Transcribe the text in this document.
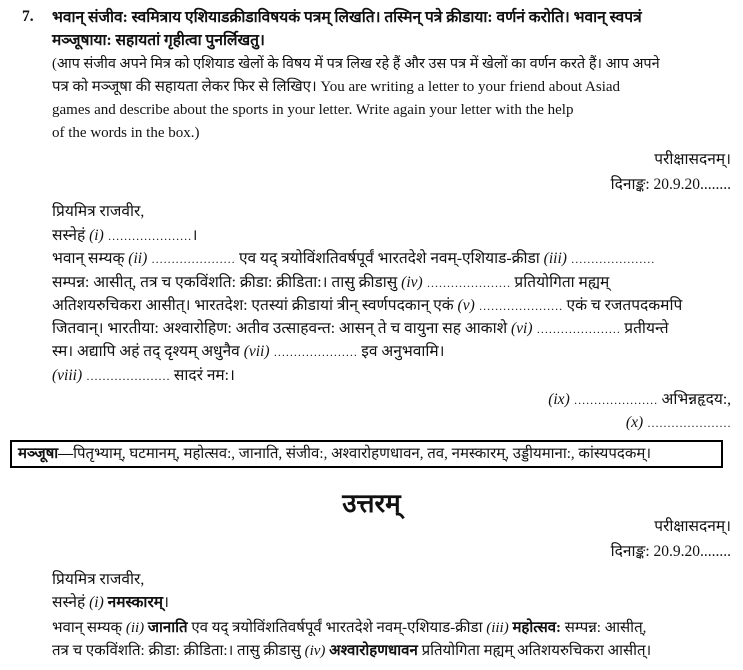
7. भवान् संजीव: स्वमित्राय एशियाडक्रीडाविषयकं पत्रम् लिखति। तस्मिन् पत्रे क्रीडाया: वर्णनं करोति। भवान् स्वपत्रं
मञ्जूषाया: सहायतां गृहीत्वा पुनर्लिखतु।
(आप संजीव अपने मित्र को एशियाड खेलों के विषय में पत्र लिख रहे हैं और उस पत्र में खेलों का वर्णन करते हैं। आप अपने
पत्र को मञ्जूषा की सहायता लेकर फिर से लिखिए। You are writing a letter to your friend about Asiad
games and describe about the sports in your letter. Write again your letter with the help
of the words in the box.)
परीक्षासदनम्।
दिनाङ्क: 20.9.20........
प्रियमित्र राजवीर,
सस्नेहं (i) …………………।
भवान् सम्यक् (ii) ………………… एव यद् त्रयोविंशतिवर्षपूर्वं भारतदेशे नवम्-एशियाड-क्रीडा (iii) …………………
सम्पन्न: आसीत्, तत्र च एकविंशति: क्रीडा: क्रीडिता:। तासु क्रीडासु (iv) ………………… प्रतियोगिता मह्यम्
अतिशयरुचिकरा आसीत्। भारतदेश: एतस्यां क्रीडायां त्रीन् स्वर्णपदकान् एकं (v) ………………… एकं च रजतपदकमपि
जितवान्। भारतीया: अश्वारोहिण: अतीव उत्साहवन्त: आसन् ते च वायुना सह आकाशे (vi) ………………… प्रतीयन्ते
स्म। अद्यापि अहं तद् दृश्यम् अधुनैव (vii) ………………… इव अनुभवामि।
(viii) ………………… सादरं नम:।
(ix) ………………… अभिन्नहृदय:,
(x) …………………
मञ्जूषा—पितृभ्याम्, घटमानम्, महोत्सव:, जानाति, संजीव:, अश्वारोहणधावन, तव, नमस्कारम्, उड्डीयमाना:, कांस्यपदकम्।
उत्तरम्
परीक्षासदनम्।
दिनाङ्क: 20.9.20........
प्रियमित्र राजवीर,
सस्नेहं (i) नमस्कारम्।
भवान् सम्यक् (ii) जानाति एव यद् त्रयोविंशतिवर्षपूर्वं भारतदेशे नवम्-एशियाड-क्रीडा (iii) महोत्सव: सम्पन्न: आसीत्,
तत्र च एकविंशति: क्रीडा: क्रीडिता:। तासु क्रीडासु (iv) अश्वारोहणधावन प्रतियोगिता मह्यम् अतिशयरुचिकरा आसीत्।
